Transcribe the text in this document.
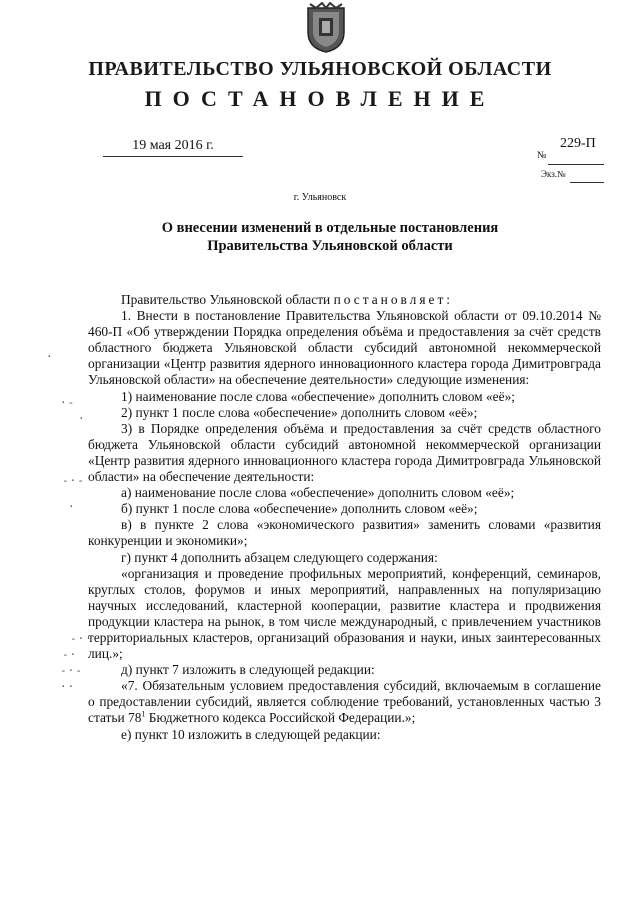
ПРАВИТЕЛЬСТВО УЛЬЯНОВСКОЙ ОБЛАСТИ
ПОСТАНОВЛЕНИЕ
19 мая 2016 г.	229-П
№
Экз.№
г. Ульяновск
О внесении изменений в отдельные постановления
Правительства Ульяновской области
.
·-
·
-·-
·
-··
-·
-·-
··

Правительство Ульяновской области постановляет:

1. Внести в постановление Правительства Ульяновской области от 09.10.2014 № 460-П «Об утверждении Порядка определения объёма и предоставления за счёт средств областного бюджета Ульяновской области субсидий автономной некоммерческой организации «Центр развития ядерного инновационного кластера города Димитровграда Ульяновской области» на обеспечение деятельности» следующие изменения:

1) наименование после слова «обеспечение» дополнить словом «её»;

2) пункт 1 после слова «обеспечение» дополнить словом «её»;

3) в Порядке определения объёма и предоставления за счёт средств областного бюджета Ульяновской области субсидий автономной некоммерческой организации «Центр развития ядерного инновационного кластера города Димитровграда Ульяновской области» на обеспечение деятельности:

а) наименование после слова «обеспечение» дополнить словом «её»;

б) пункт 1 после слова «обеспечение» дополнить словом «её»;

в) в пункте 2 слова «экономического развития» заменить словами «развития конкуренции и экономики»;

г) пункт 4 дополнить абзацем следующего содержания:

«организация и проведение профильных мероприятий, конференций, семинаров, круглых столов, форумов и иных мероприятий, направленных на популяризацию научных исследований, кластерной кооперации, развитие кластера и продвижения продукции кластера на рынок, в том числе международный, с привлечением участников территориальных кластеров, организаций образования и науки, иных заинтересованных лиц.»;

д) пункт 7 изложить в следующей редакции:

«7. Обязательным условием предоставления субсидий, включаемым в соглашение о предоставлении субсидий, является соблюдение требований, установленных частью 3 статьи $78^1$ Бюджетного кодекса Российской Федерации.»;

е) пункт 10 изложить в следующей редакции:
